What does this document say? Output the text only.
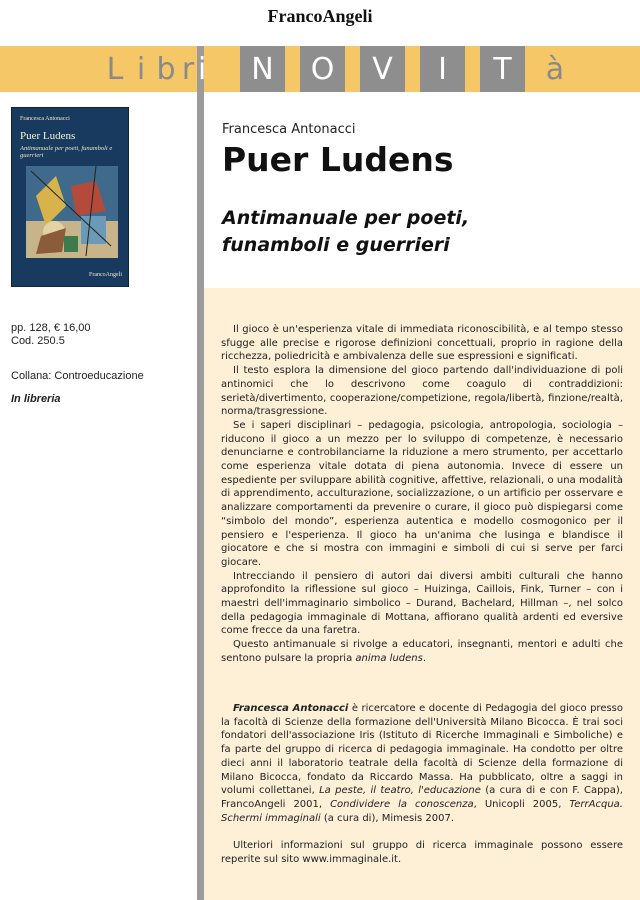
FrancoAngeli
L i b r	N	O	V	I	T	à
i
Francesca Antonacci
Puer Ludens
Antimanuale per poeti, funamboli e guerrieri
FrancoAngeli
pp. 128, € 16,00
Cod. 250.5
Collana: Controeducazione
In libreria
Francesca Antonacci
Puer Ludens
Antimanuale per poeti,
funamboli e guerrieri

Il gioco è un'esperienza vitale di immediata riconoscibilità, e al tempo stesso sfugge alle precise e rigorose definizioni concettuali, proprio in ragione della ricchezza, poliedricità e ambivalenza delle sue espressioni e significati.

Il testo esplora la dimensione del gioco partendo dall'individuazione di poli antinomici che lo descrivono come coagulo di contraddizioni: serietà/divertimento, cooperazione/competizione, regola/libertà, finzione/realtà, norma/trasgressione.

Se i saperi disciplinari – pedagogia, psicologia, antropologia, sociologia – riducono il gioco a un mezzo per lo sviluppo di competenze, è necessario denunciarne e controbilanciarne la riduzione a mero strumento, per accettarlo come esperienza vitale dotata di piena autonomia. Invece di essere un espediente per sviluppare abilità cognitive, affettive, relazionali, o una modalità di apprendimento, acculturazione, socializzazione, o un artificio per osservare e analizzare comportamenti da prevenire o curare, il gioco può dispiegarsi come “simbolo del mondo”, esperienza autentica e modello cosmogonico per il pensiero e l'esperienza. Il gioco ha un'anima che lusinga e blandisce il giocatore e che si mostra con immagini e simboli di cui si serve per farci giocare.

Intrecciando il pensiero di autori dai diversi ambiti culturali che hanno approfondito la riflessione sul gioco – Huizinga, Caillois, Fink, Turner – con i maestri dell'immaginario simbolico – Durand, Bachelard, Hillman –, nel solco della pedagogia immaginale di Mottana, affiorano qualità ardenti ed eversive come frecce da una faretra.

Questo antimanuale si rivolge a educatori, insegnanti, mentori e adulti che sentono pulsare la propria anima ludens.

Francesca Antonacci è ricercatore e docente di Pedagogia del gioco presso la facoltà di Scienze della formazione dell'Università Milano Bicocca. È trai soci fondatori dell'associazione Iris (Istituto di Ricerche Immaginali e Simboliche) e fa parte del gruppo di ricerca di pedagogia immaginale. Ha condotto per oltre dieci anni il laboratorio teatrale della facoltà di Scienze della formazione di Milano Bicocca, fondato da Riccardo Massa. Ha pubblicato, oltre a saggi in volumi collettanei, La peste, il teatro, l'educazione (a cura di e con F. Cappa), FrancoAngeli 2001, Condividere la conoscenza, Unicopli 2005, TerrAcqua. Schermi immaginali (a cura di), Mimesis 2007.

Ulteriori informazioni sul gruppo di ricerca immaginale possono essere reperite sul sito www.immaginale.it.
